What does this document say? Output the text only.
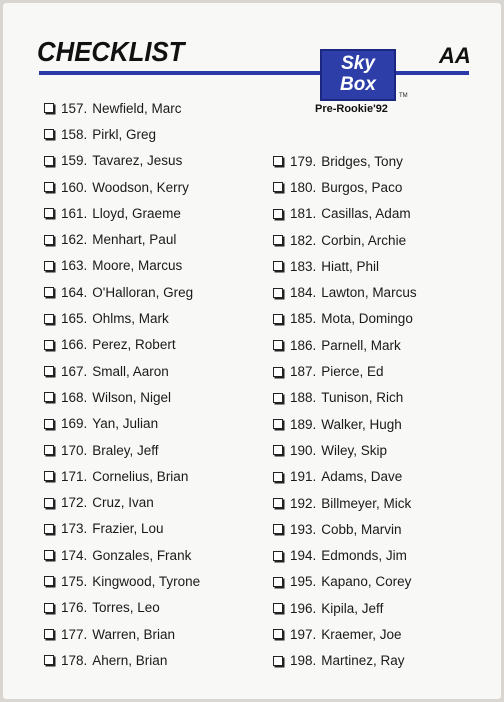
CHECKLIST	Sky
Box
TM
Pre-Rookie'92
AA
157. Newfield, Marc
158. Pirkl, Greg
159. Tavarez, Jesus
160. Woodson, Kerry
161. Lloyd, Graeme
162. Menhart, Paul
163. Moore, Marcus
164. O'Halloran, Greg
165. Ohlms, Mark
166. Perez, Robert
167. Small, Aaron
168. Wilson, Nigel
169. Yan, Julian
170. Braley, Jeff
171. Cornelius, Brian
172. Cruz, Ivan
173. Frazier, Lou
174. Gonzales, Frank
175. Kingwood, Tyrone
176. Torres, Leo
177. Warren, Brian
178. Ahern, Brian
179. Bridges, Tony
180. Burgos, Paco
181. Casillas, Adam
182. Corbin, Archie
183. Hiatt, Phil
184. Lawton, Marcus
185. Mota, Domingo
186. Parnell, Mark
187. Pierce, Ed
188. Tunison, Rich
189. Walker, Hugh
190. Wiley, Skip
191. Adams, Dave
192. Billmeyer, Mick
193. Cobb, Marvin
194. Edmonds, Jim
195. Kapano, Corey
196. Kipila, Jeff
197. Kraemer, Joe
198. Martinez, Ray
